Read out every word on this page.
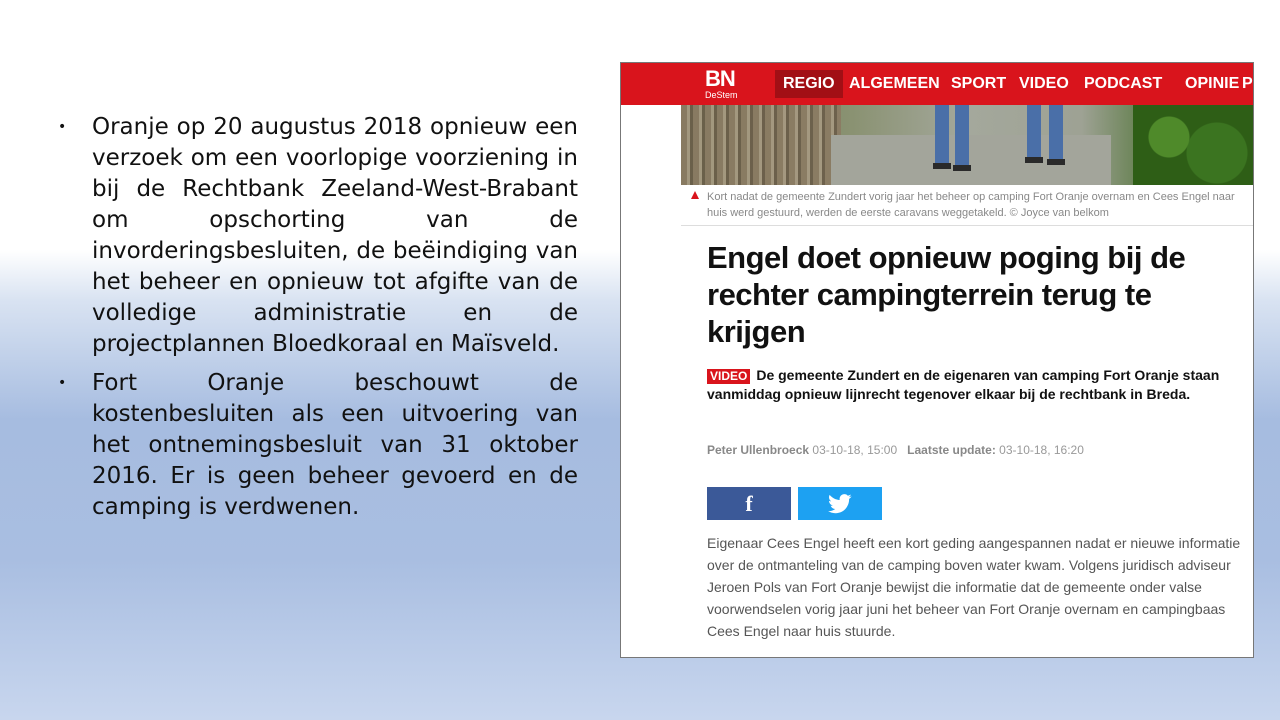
• Oranje op 20 augustus 2018 opnieuw een verzoek om een voorlopige voorziening in bij de Rechtbank Zeeland-West-Brabant om opschorting van de invorderingsbesluiten, de beëindiging van het beheer en opnieuw tot afgifte van de volledige administratie en de projectplannen Bloedkoraal en Maïsveld.
• Fort Oranje beschouwt de kostenbesluiten als een uitvoering van het ontnemingsbesluit van 31 oktober 2016. Er is geen beheer gevoerd en de camping is verdwenen.
BN
DeStem
REGIO ALGEMEEN SPORT VIDEO PODCAST OPINIE P
Kort nadat de gemeente Zundert vorig jaar het beheer op camping Fort Oranje overnam en Cees Engel naar huis werd gestuurd, werden de eerste caravans weggetakeld. © Joyce van belkom
Engel doet opnieuw poging bij de rechter campingterrein terug te krijgen
VIDEO De gemeente Zundert en de eigenaren van camping Fort Oranje staan vanmiddag opnieuw lijnrecht tegenover elkaar bij de rechtbank in Breda.
Peter Ullenbroeck 03-10-18, 15:00 Laatste update: 03-10-18, 16:20
f
Eigenaar Cees Engel heeft een kort geding aangespannen nadat er nieuwe informatie over de ontmanteling van de camping boven water kwam. Volgens juridisch adviseur Jeroen Pols van Fort Oranje bewijst die informatie dat de gemeente onder valse voorwendselen vorig jaar juni het beheer van Fort Oranje overnam en campingbaas Cees Engel naar huis stuurde.
